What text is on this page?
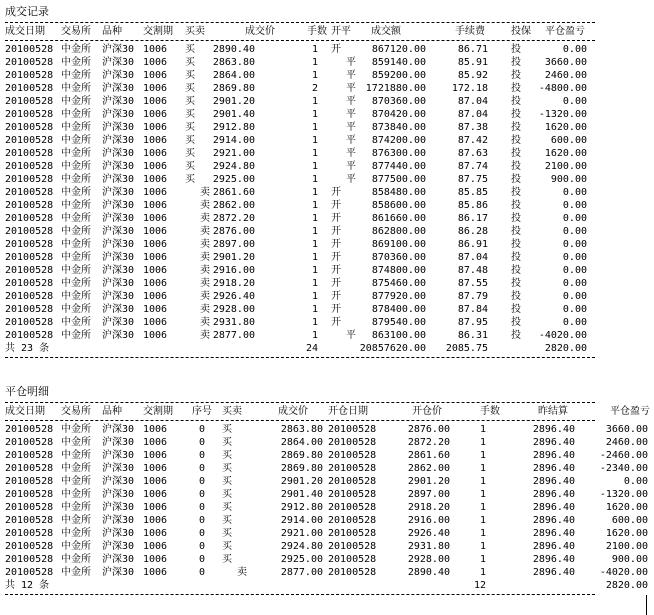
成交记录
成交日期 交易所 品种 交割期 买卖	成交价	手数 开平 成交额	手续费	投保 平仓盈亏
20100528 中金所 沪深30 1006 买 2890.40	1 开	867120.00	86.71 投	0.00
20100528 中金所 沪深30 1006 买 2863.80	1	平 859140.00	85.91 投 3660.00
20100528 中金所 沪深30 1006 买 2864.00	1	平 859200.00	85.92 投 2460.00
20100528 中金所 沪深30 1006 买 2869.80	2	平 1721880.00	172.18 投 -4800.00
20100528 中金所 沪深30 1006 买 2901.20	1	平 870360.00	87.04 投	0.00
20100528 中金所 沪深30 1006 买 2901.40	1	平 870420.00	87.04 投 -1320.00
20100528 中金所 沪深30 1006 买 2912.80	1	平 873840.00	87.38 投 1620.00
20100528 中金所 沪深30 1006 买 2914.00	1	平 874200.00	87.42 投	600.00
20100528 中金所 沪深30 1006 买 2921.00	1	平 876300.00	87.63 投 1620.00
20100528 中金所 沪深30 1006 买 2924.80	1	平 877440.00	87.74 投 2100.00
20100528 中金所 沪深30 1006 买 2925.00	1	平 877500.00	87.75 投	900.00
20100528 中金所 沪深30 1006	卖 2861.60	1 开	858480.00	85.85 投	0.00
20100528 中金所 沪深30 1006	卖 2862.00	1 开	858600.00	85.86 投	0.00
20100528 中金所 沪深30 1006	卖 2872.20	1 开	861660.00	86.17 投	0.00
20100528 中金所 沪深30 1006	卖 2876.00	1 开	862800.00	86.28 投	0.00
20100528 中金所 沪深30 1006	卖 2897.00	1 开	869100.00	86.91 投	0.00
20100528 中金所 沪深30 1006	卖 2901.20	1 开	870360.00	87.04 投	0.00
20100528 中金所 沪深30 1006	卖 2916.00	1 开	874800.00	87.48 投	0.00
20100528 中金所 沪深30 1006	卖 2918.20	1 开	875460.00	87.55 投	0.00
20100528 中金所 沪深30 1006	卖 2926.40	1 开	877920.00	87.79 投	0.00
20100528 中金所 沪深30 1006	卖 2928.00	1 开	878400.00	87.84 投	0.00
20100528 中金所 沪深30 1006	卖 2931.80	1 开	879540.00	87.95 投	0.00
20100528 中金所 沪深30 1006	卖 2877.00	1	平 863100.00	86.31 投 -4020.00
共 23 条	24	20857620.00 2085.75	2820.00
平仓明细
成交日期 交易所 品种 交割期 序号 买卖	成交价 开仓日期	开仓价	手数	昨结算	平仓盈亏
20100528 中金所 沪深30 1006	0 买	2863.80 20100528	2876.00	1	2896.40	3660.00
20100528 中金所 沪深30 1006	0 买	2864.00 20100528	2872.20	1	2896.40	2460.00
20100528 中金所 沪深30 1006	0 买	2869.80 20100528	2861.60	1	2896.40 -2460.00
20100528 中金所 沪深30 1006	0 买	2869.80 20100528	2862.00	1	2896.40 -2340.00
20100528 中金所 沪深30 1006	0 买	2901.20 20100528	2901.20	1	2896.40	0.00
20100528 中金所 沪深30 1006	0 买	2901.40 20100528	2897.00	1	2896.40 -1320.00
20100528 中金所 沪深30 1006	0 买	2912.80 20100528	2918.20	1	2896.40	1620.00
20100528 中金所 沪深30 1006	0 买	2914.00 20100528	2916.00	1	2896.40	600.00
20100528 中金所 沪深30 1006	0 买	2921.00 20100528	2926.40	1	2896.40	1620.00
20100528 中金所 沪深30 1006	0 买	2924.80 20100528	2931.80	1	2896.40	2100.00
20100528 中金所 沪深30 1006	0 买	2925.00 20100528	2928.00	1	2896.40	900.00
20100528 中金所 沪深30 1006	0	卖	2877.00 20100528	2890.40	1	2896.40 -4020.00
共 12 条	12	2820.00
